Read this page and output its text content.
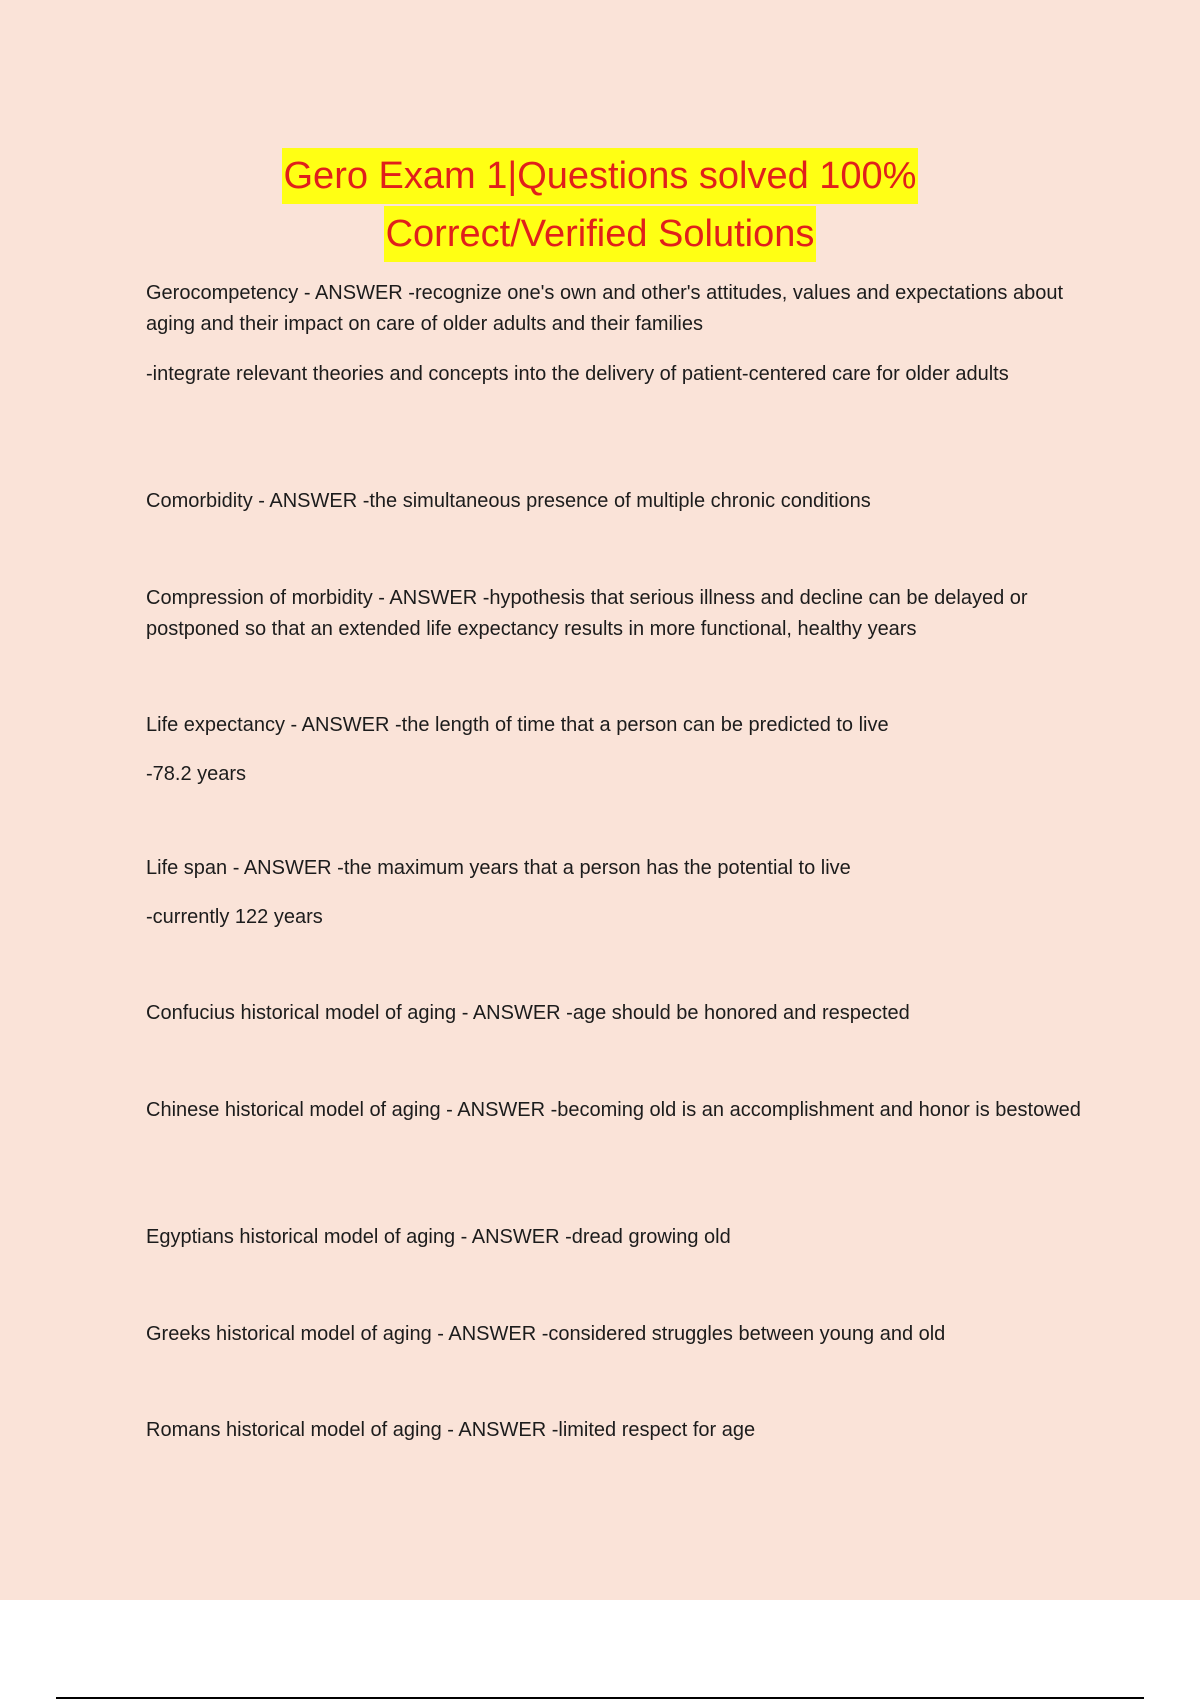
Gero Exam 1|Questions solved 100%
Correct/Verified Solutions
Gerocompetency - ANSWER -recognize one's own and other's attitudes, values and expectations about aging and their impact on care of older adults and their families
-integrate relevant theories and concepts into the delivery of patient-centered care for older adults
Comorbidity - ANSWER -the simultaneous presence of multiple chronic conditions
Compression of morbidity - ANSWER -hypothesis that serious illness and decline can be delayed or postponed so that an extended life expectancy results in more functional, healthy years
Life expectancy - ANSWER -the length of time that a person can be predicted to live
-78.2 years
Life span - ANSWER -the maximum years that a person has the potential to live
-currently 122 years
Confucius historical model of aging - ANSWER -age should be honored and respected
Chinese historical model of aging - ANSWER -becoming old is an accomplishment and honor is bestowed
Egyptians historical model of aging - ANSWER -dread growing old
Greeks historical model of aging - ANSWER -considered struggles between young and old
Romans historical model of aging - ANSWER -limited respect for age
